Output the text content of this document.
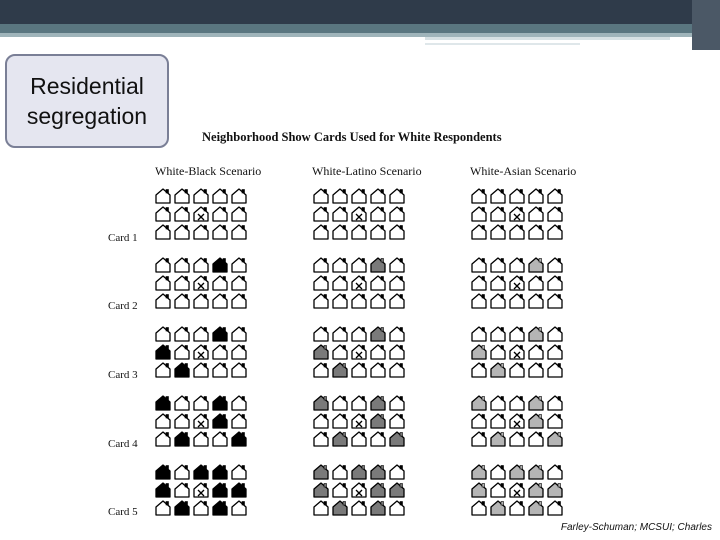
Residential
segregation
Neighborhood Show Cards Used for White Respondents
White-Black Scenario	White-Latino Scenario	White-Asian Scenario
Card 1
Card 2
Card 3
Card 4
Card 5
Farley-Schuman; MCSUI; Charles
